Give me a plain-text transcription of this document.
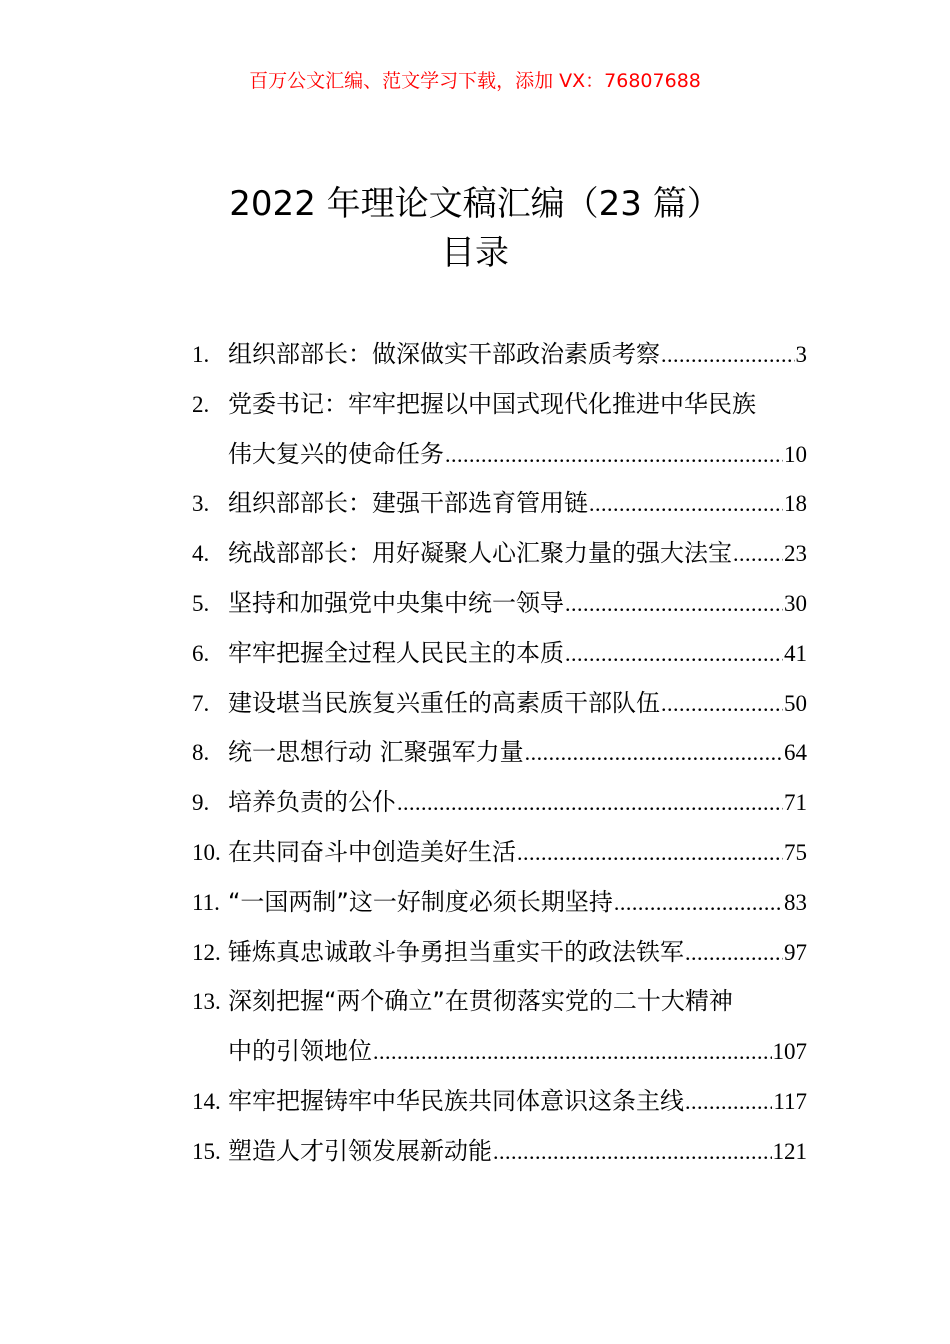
百万公文汇编、范文学习下载，添加 VX：76807688
2022 年理论文稿汇编（23 篇）
目录
1. 组织部部长：做深做实干部政治素质考察 .....	3
2. 党委书记：牢牢把握以中国式现代化推进中华民族
伟大复兴的使命任务 .....	10
3. 组织部部长：建强干部选育管用链 .....	18
4. 统战部部长：用好凝聚人心汇聚力量的强大法宝 ..... 23
5. 坚持和加强党中央集中统一领导 .....	30
6. 牢牢把握全过程人民民主的本质 .....	41
7. 建设堪当民族复兴重任的高素质干部队伍 .....	50
8. 统一思想行动 汇聚强军力量 .....	64
9. 培养负责的公仆 .....	71
10. 在共同奋斗中创造美好生活 .....	75
11. “一国两制”这一好制度必须长期坚持 .....	83
12. 锤炼真忠诚敢斗争勇担当重实干的政法铁军 .....	97
13. 深刻把握“两个确立”在贯彻落实党的二十大精神
中的引领地位 .....	107
14. 牢牢把握铸牢中华民族共同体意识这条主线 .....	117
15. 塑造人才引领发展新动能 .....	121
